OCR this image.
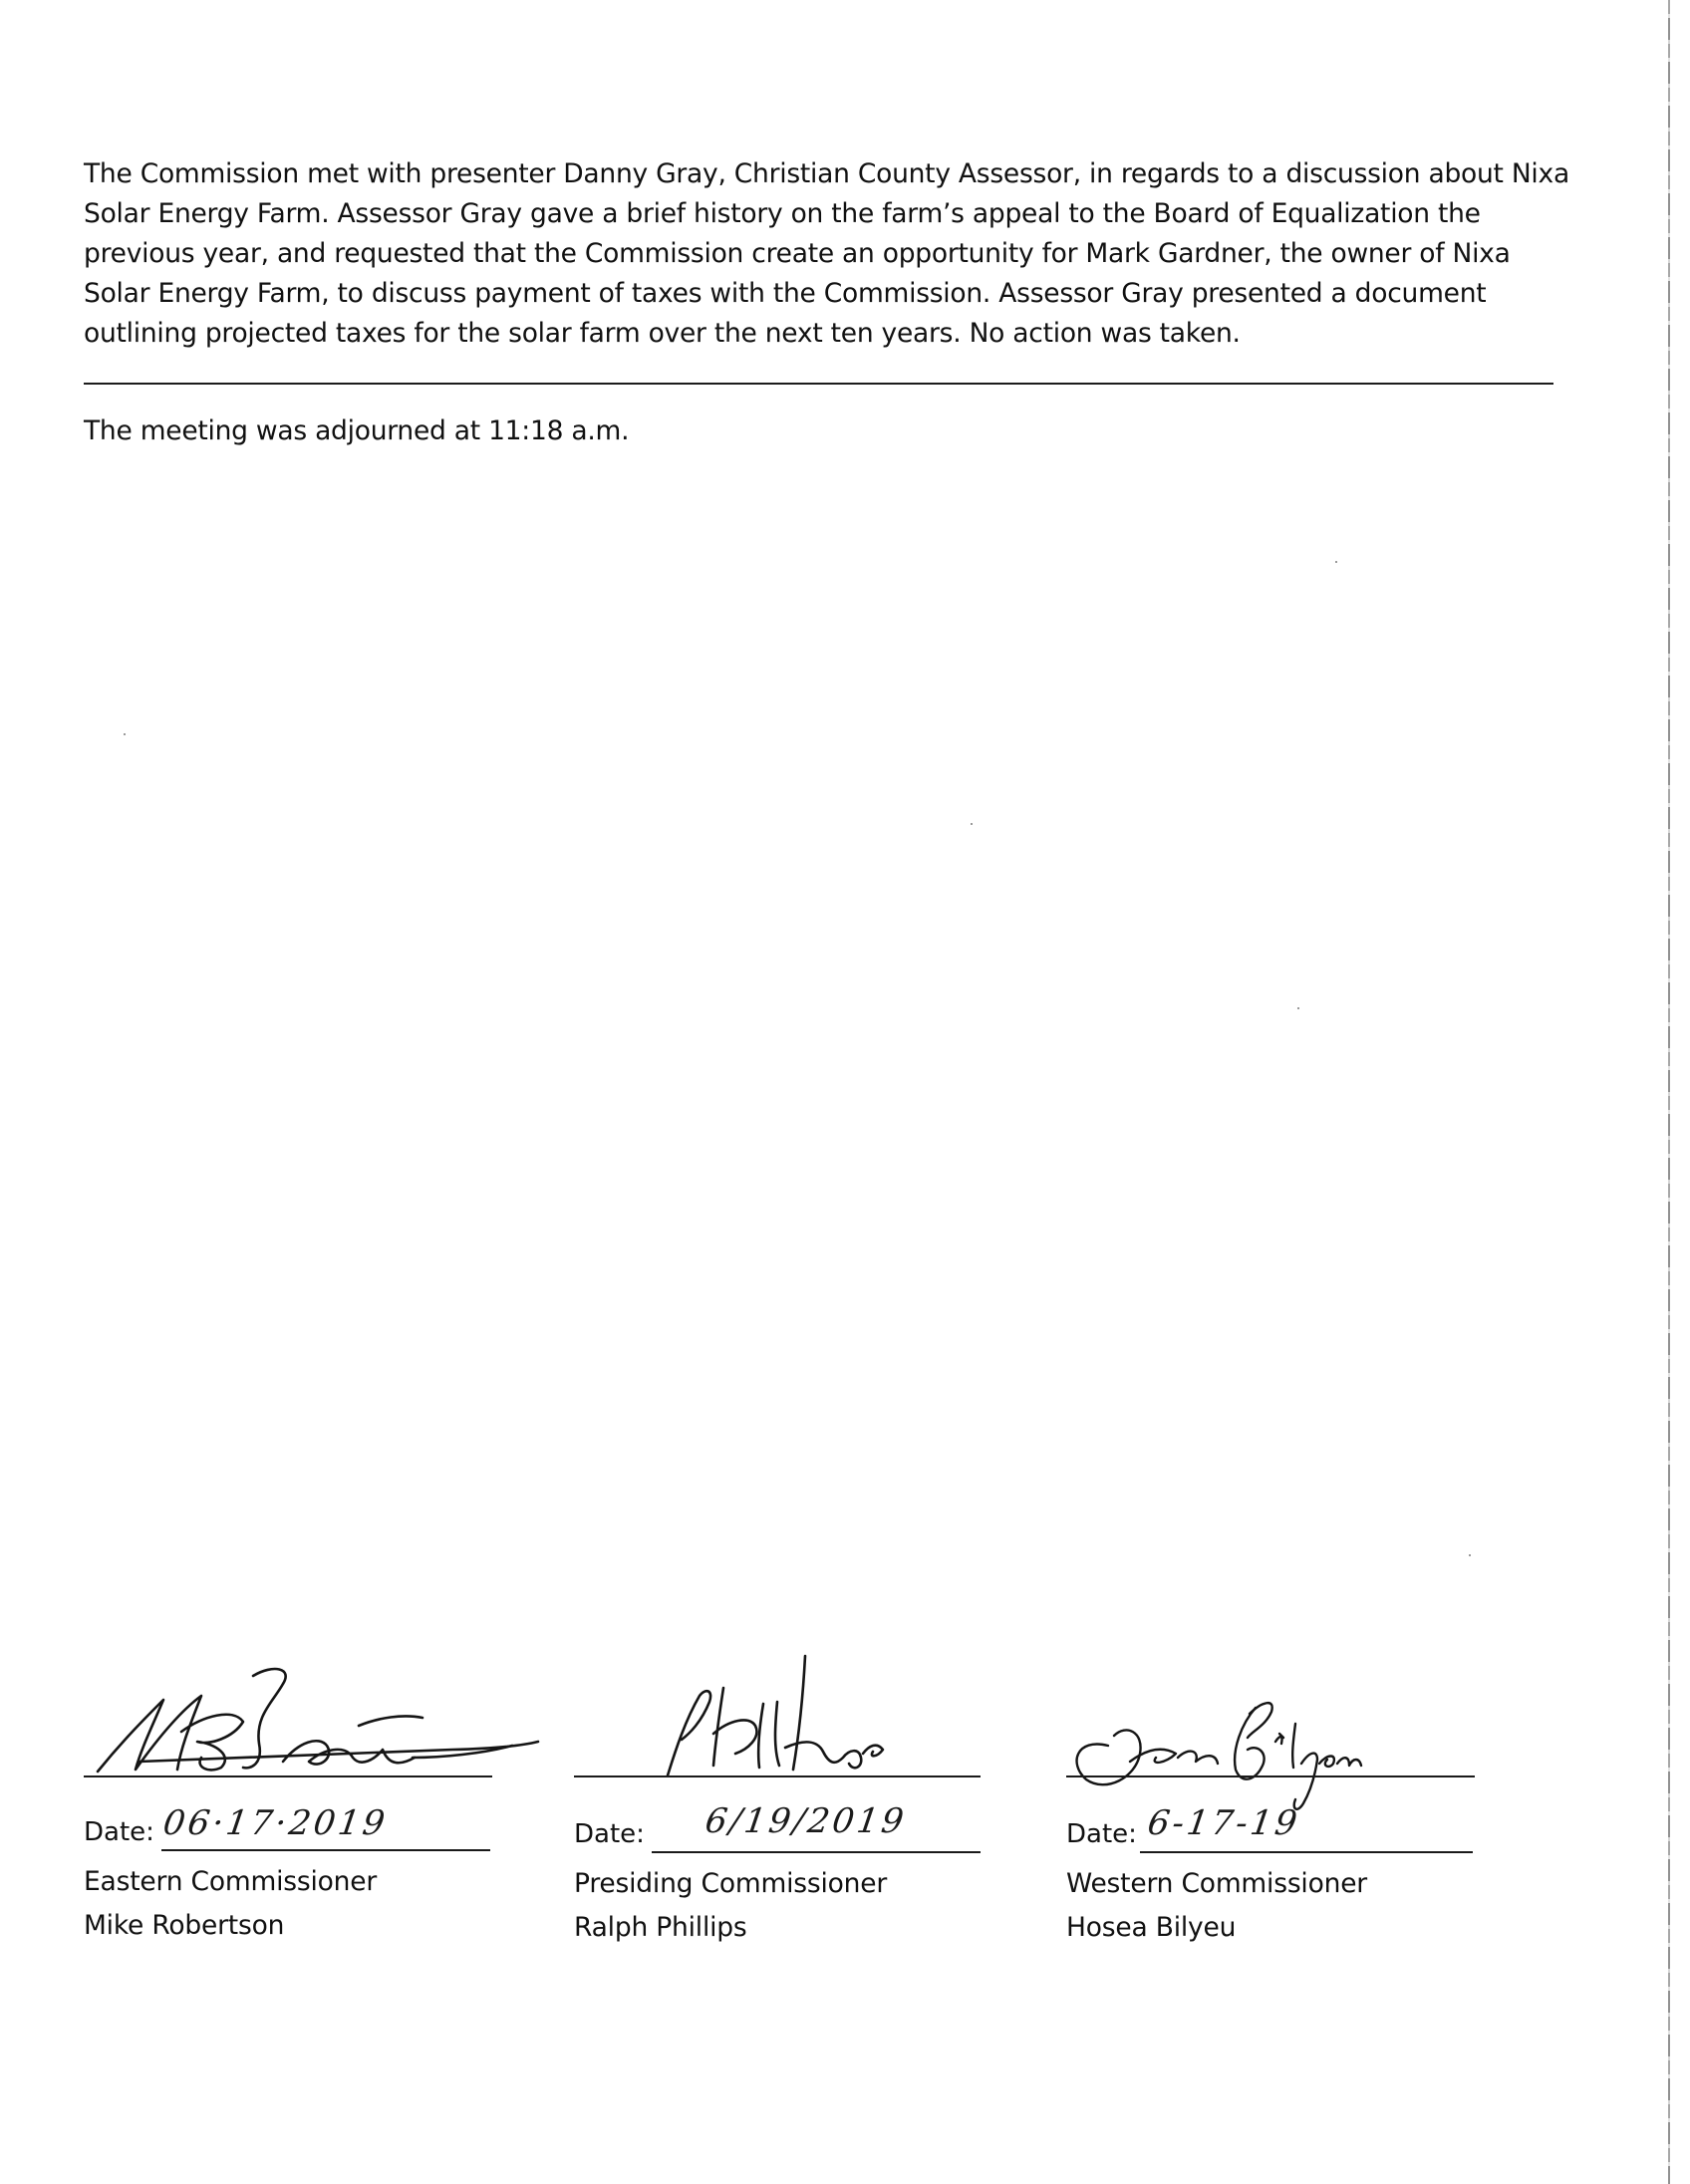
The Commission met with presenter Danny Gray, Christian County Assessor, in regards to a discussion about Nixa Solar Energy Farm. Assessor Gray gave a brief history on the farm’s appeal to the Board of Equalization the previous year, and requested that the Commission create an opportunity for Mark Gardner, the owner of Nixa Solar Energy Farm, to discuss payment of taxes with the Commission. Assessor Gray presented a document outlining projected taxes for the solar farm over the next ten years. No action was taken.

The meeting was adjourned at 11:18 a.m.
Date: 06·17·2019
Eastern Commissioner
Mike Robertson
Date: 6/19/2019
Presiding Commissioner
Ralph Phillips
Date: 6-17-19
Western Commissioner
Hosea Bilyeu
